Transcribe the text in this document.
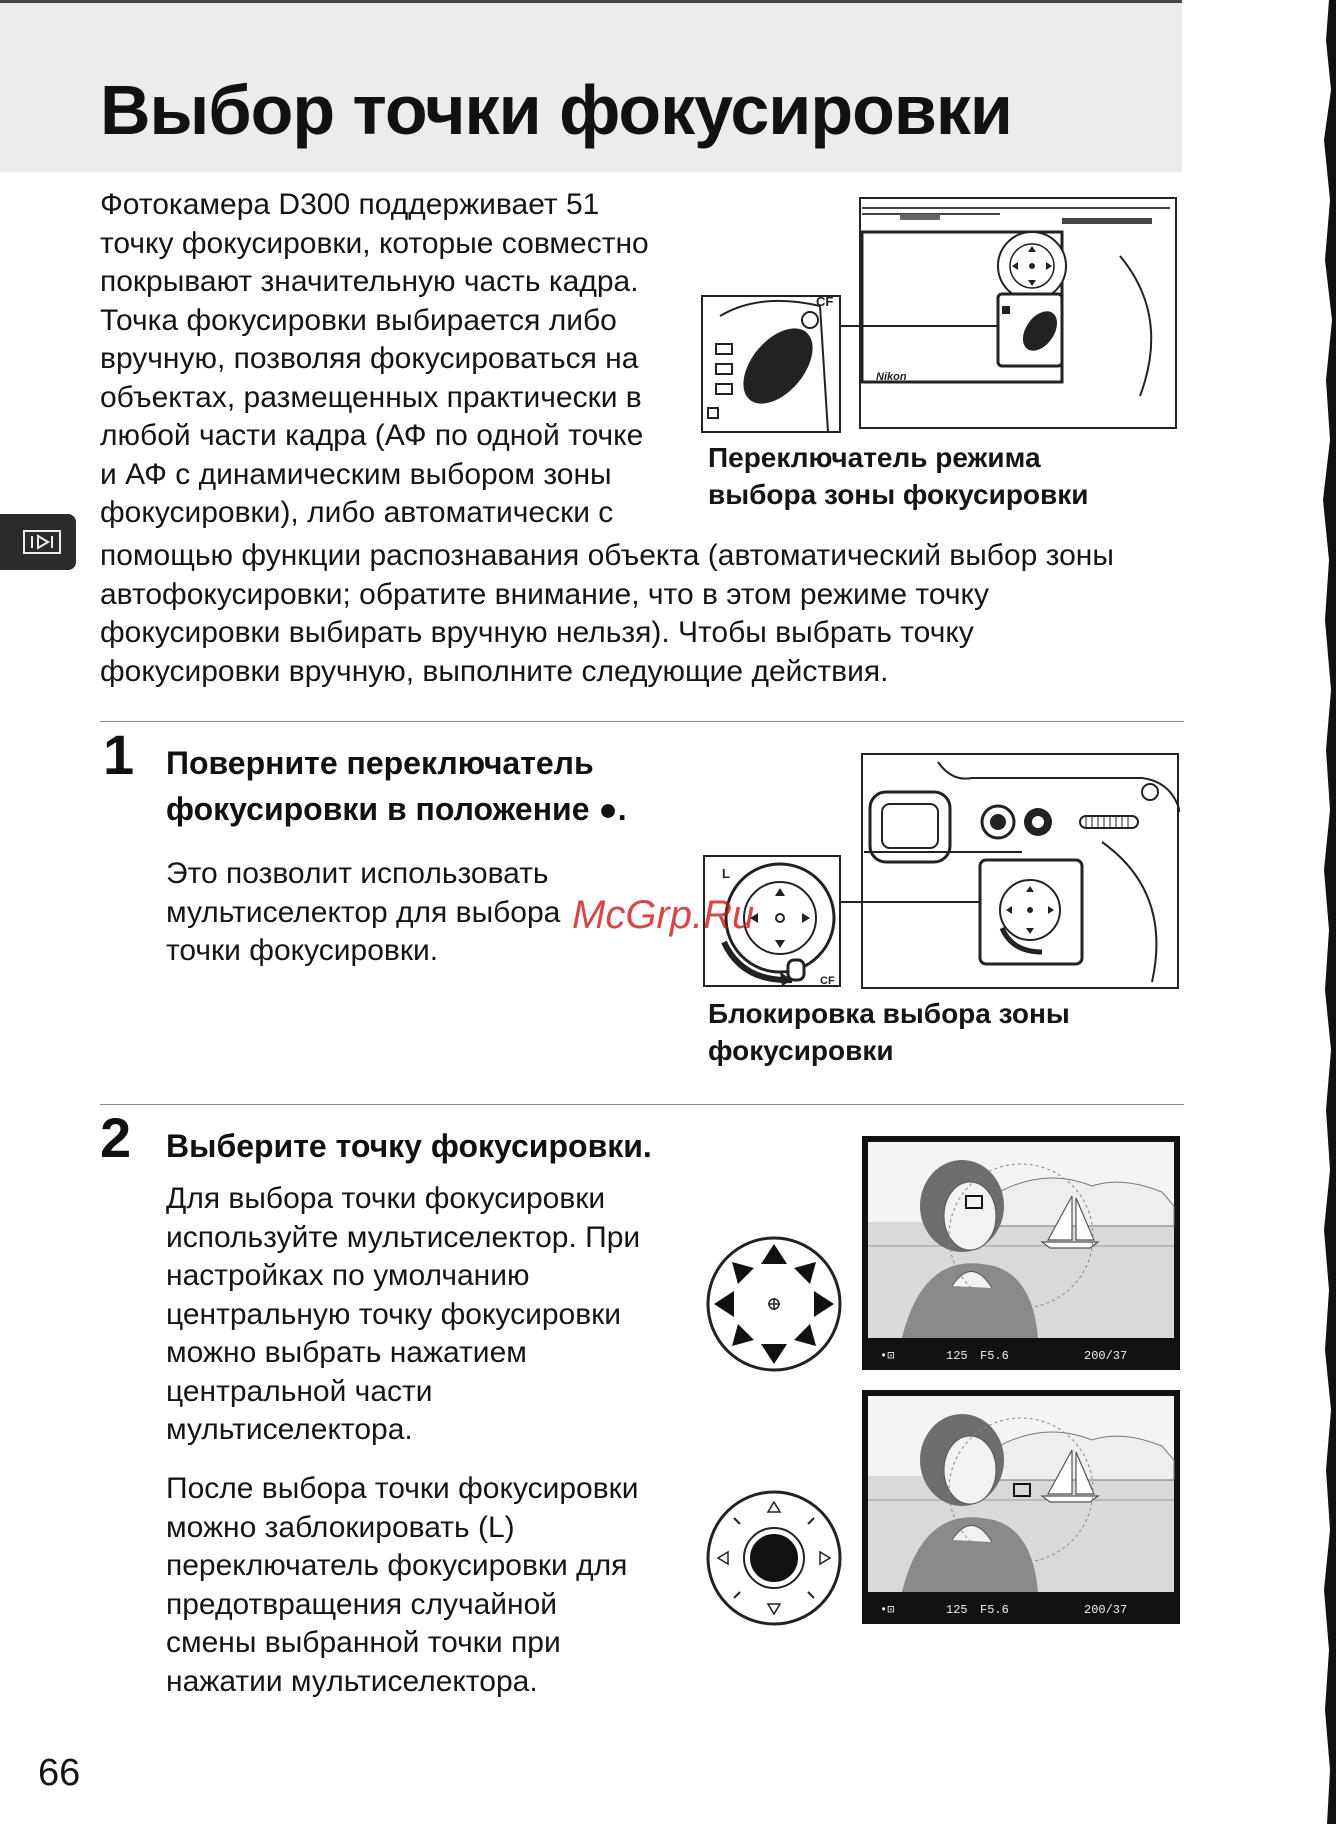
Выбор точки фокусировки
Фотокамера D300 поддерживает 51
точку фокусировки, которые совместно
покрывают значительную часть кадра.
Точка фокусировки выбирается либо
вручную, позволяя фокусироваться на
объектах, размещенных практически в
любой части кадра (АФ по одной точке
и АФ с динамическим выбором зоны
фокусировки), либо автоматически с
помощью функции распознавания объекта (автоматический выбор зоны
автофокусировки; обратите внимание, что в этом режиме точку
фокусировки выбирать вручную нельзя). Чтобы выбрать точку
фокусировки вручную, выполните следующие действия.
Nikon
CF
Переключатель режима
выбора зоны фокусировки
1 Поверните переключатель
фокусировки в положение ●.
Это позволит использовать
мультиселектор для выбора
точки фокусировки.
L
CF
Блокировка выбора зоны
фокусировки
McGrp.Ru
2 Выберите точку фокусировки.
Для выбора точки фокусировки
используйте мультиселектор. При
настройках по умолчанию
центральную точку фокусировки
можно выбрать нажатием
центральной части
мультиселектора.
После выбора точки фокусировки
можно заблокировать (L)
переключатель фокусировки для
предотвращения случайной
смены выбранной точки при
нажатии мультиселектора.
•⊡	125 F5.6	200/37
•⊡	125 F5.6	200/37
66
